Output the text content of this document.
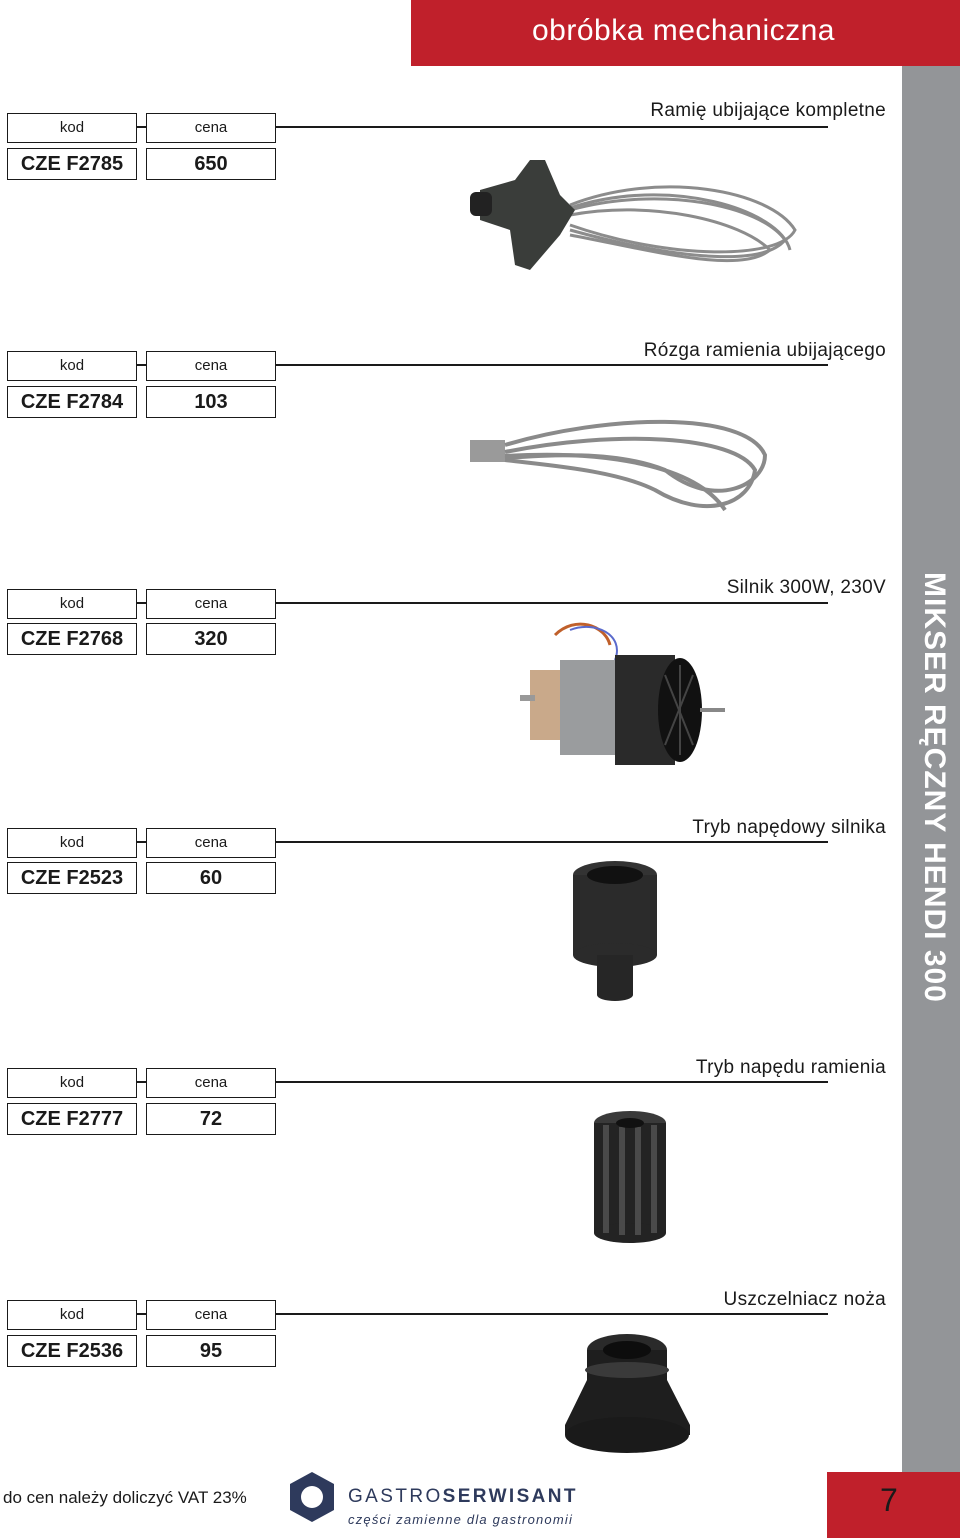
obróbka mechaniczna
MIKSER RĘCZNY HENDI 300
kod	cena
CZE F2785	650
Ramię ubijające kompletne
kod	cena
CZE F2784	103
Rózga ramienia ubijającego
kod	cena
CZE F2768	320
Silnik 300W, 230V
kod	cena
CZE F2523	60
Tryb napędowy silnika
kod	cena
CZE F2777	72
Tryb napędu ramienia
kod	cena
CZE F2536	95
Uszczelniacz noża
do cen należy doliczyć VAT 23%	GASTROSERWISANT
części zamienne dla gastronomii
7
